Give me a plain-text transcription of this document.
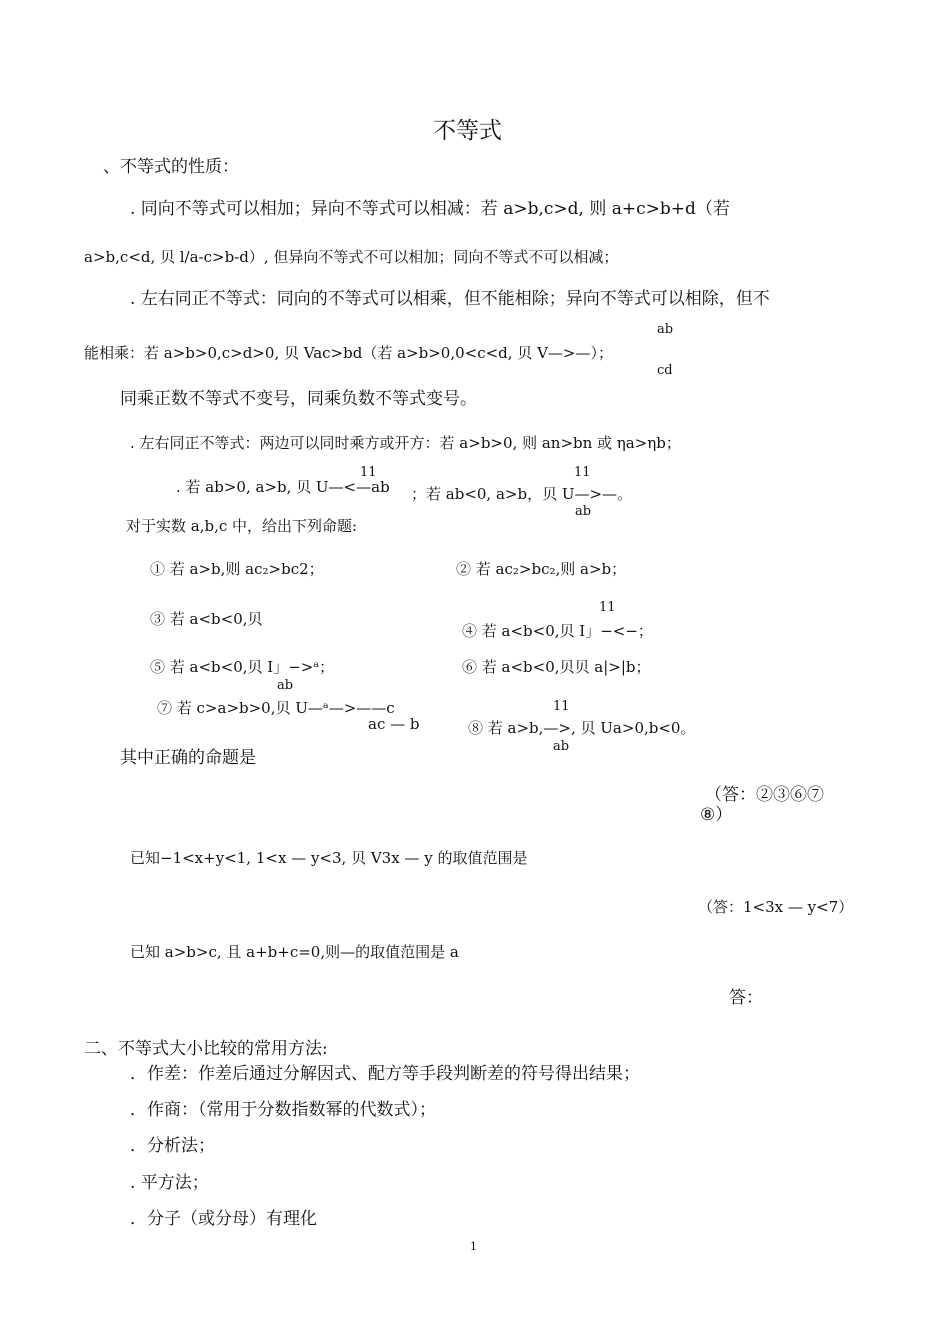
不等式
、不等式的性质：
. 同向不等式可以相加；异向不等式可以相减：若 a>b,c>d, 则 a+c>b+d（若
a>b,c<d, 贝 l/a-c>b-d）, 但异向不等式不可以相加；同向不等式不可以相减；
. 左右同正不等式：同向的不等式可以相乘，但不能相除；异向不等式可以相除，但不
ab
能相乘：若 a>b>0,c>d>0, 贝 Vac>bd（若 a>b>0,0<c<d, 贝 V—>—）；
cd
同乘正数不等式不变号，同乘负数不等式变号。
. 左右同正不等式：两边可以同时乘方或开方：若 a>b>0, 则 an>bn 或 ηa>ηb；
11	11
. 若 ab>0, a>b, 贝 U—<—ab ；若 ab<0, a>b，贝 U—>—。
ab
对于实数 a,b,c 中，给出下列命题:
① 若 a>b,则 ac₂>bc2；	② 若 ac₂>bc₂,则 a>b；
11
③ 若 a<b<0,贝
④ 若 a<b<0,贝 I」−<−；
⑤ 若 a<b<0,贝 I」−>ᵃ；	⑥ 若 a<b<0,贝贝 a|>|b；
ab
11
⑦ 若 c>a>b>0,贝 U—ᵃ—>——c
ac — b	⑧ 若 a>b,—>, 贝 Ua>0,b<0。
ab
其中正确的命题是
（答：②③⑥⑦
⑧）
已知−1<x+y<1, 1<x — y<3, 贝 V3x — y 的取值范围是
（答：1<3x — y<7）
已知 a>b>c, 且 a+b+c=0,则—的取值范围是 a
答：
二、不等式大小比较的常用方法:
．作差：作差后通过分解因式、配方等手段判断差的符号得出结果；
．作商：（常用于分数指数幂的代数式）；
．分析法；
. 平方法；
．分子（或分母）有理化
1
